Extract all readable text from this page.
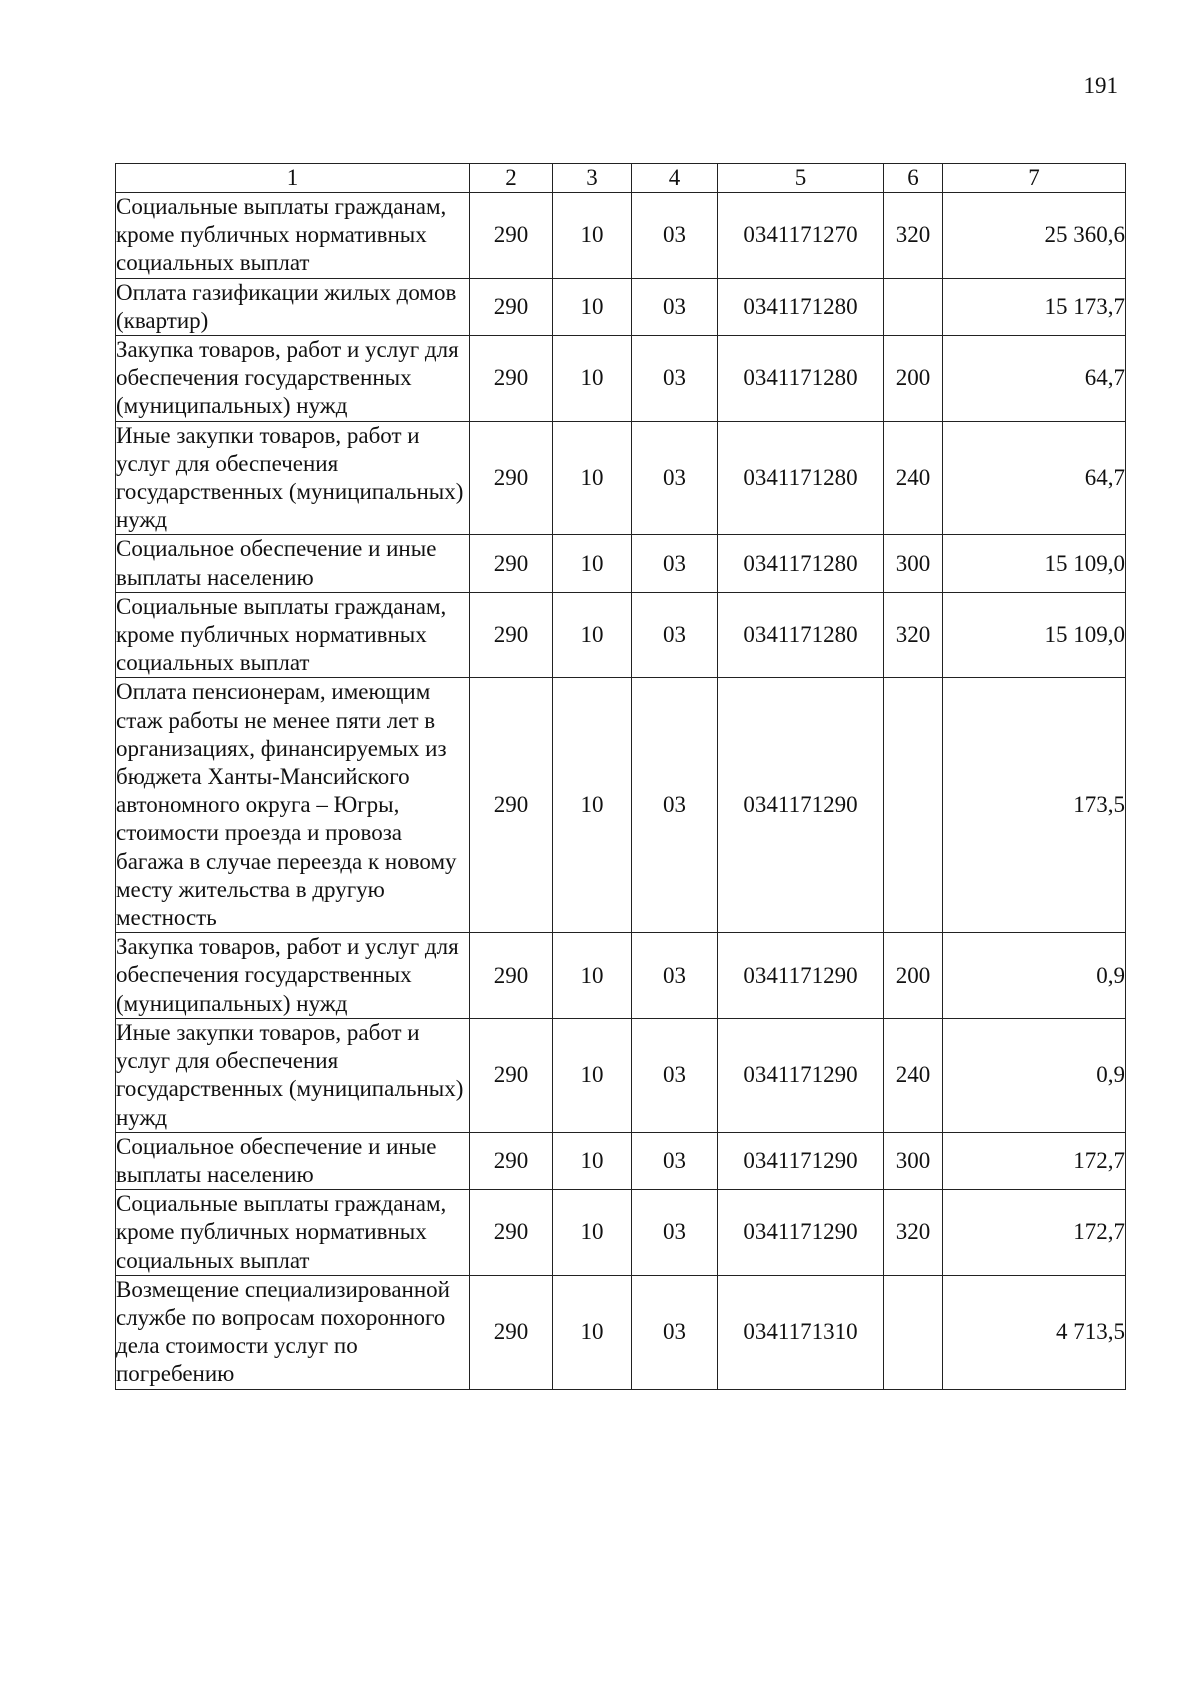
191
1	2	3	4	5	6	7
Социальные выплаты гражданам, кроме публичных нормативных социальных выплат	290	10	03	0341171270	320	25 360,6
Оплата газификации жилых домов (квартир)	290	10	03	0341171280		15 173,7
Закупка товаров, работ и услуг для обеспечения государственных (муниципальных) нужд	290	10	03	0341171280	200	64,7
Иные закупки товаров, работ и услуг для обеспечения государственных (муниципальных) нужд	290	10	03	0341171280	240	64,7
Социальное обеспечение и иные выплаты населению	290	10	03	0341171280	300	15 109,0
Социальные выплаты гражданам, кроме публичных нормативных социальных выплат	290	10	03	0341171280	320	15 109,0
Оплата пенсионерам, имеющим стаж работы не менее пяти лет в организациях, финансируемых из бюджета Ханты-Мансийского автономного округа – Югры, стоимости проезда и провоза багажа в случае переезда к новому месту жительства в другую местность	290	10	03	0341171290		173,5
Закупка товаров, работ и услуг для обеспечения государственных (муниципальных) нужд	290	10	03	0341171290	200	0,9
Иные закупки товаров, работ и услуг для обеспечения государственных (муниципальных) нужд	290	10	03	0341171290	240	0,9
Социальное обеспечение и иные выплаты населению	290	10	03	0341171290	300	172,7
Социальные выплаты гражданам, кроме публичных нормативных социальных выплат	290	10	03	0341171290	320	172,7
Возмещение специализированной службе по вопросам похоронного дела стоимости услуг по погребению	290	10	03	0341171310		4 713,5
